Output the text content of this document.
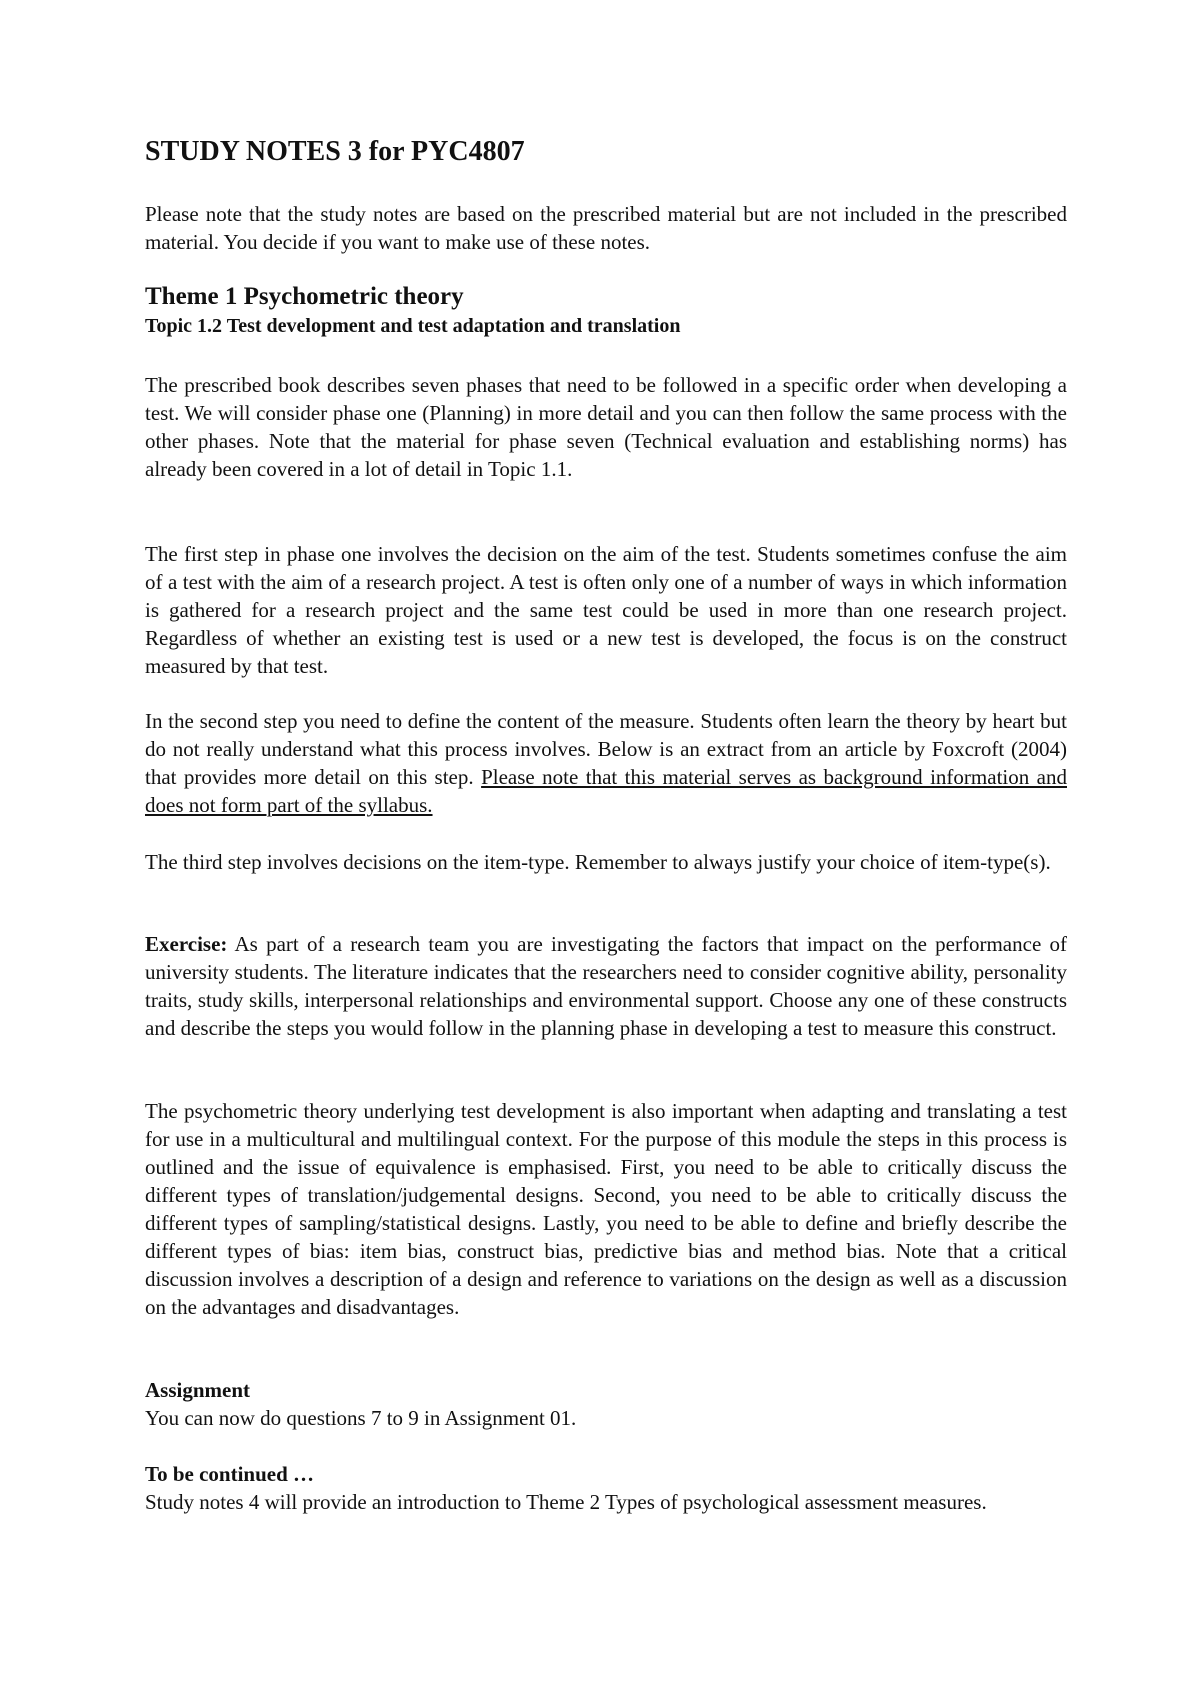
STUDY NOTES 3 for PYC4807

Please note that the study notes are based on the prescribed material but are not included in the prescribed material. You decide if you want to make use of these notes.

Theme 1 Psychometric theory
Topic 1.2 Test development and test adaptation and translation

The prescribed book describes seven phases that need to be followed in a specific order when developing a test. We will consider phase one (Planning) in more detail and you can then follow the same process with the other phases. Note that the material for phase seven (Technical evaluation and establishing norms) has already been covered in a lot of detail in Topic 1.1.

The first step in phase one involves the decision on the aim of the test. Students sometimes confuse the aim of a test with the aim of a research project. A test is often only one of a number of ways in which information is gathered for a research project and the same test could be used in more than one research project. Regardless of whether an existing test is used or a new test is developed, the focus is on the construct measured by that test.

In the second step you need to define the content of the measure. Students often learn the theory by heart but do not really understand what this process involves. Below is an extract from an article by Foxcroft (2004) that provides more detail on this step. Please note that this material serves as background information and does not form part of the syllabus.

The third step involves decisions on the item-type. Remember to always justify your choice of item-type(s).

Exercise: As part of a research team you are investigating the factors that impact on the performance of university students. The literature indicates that the researchers need to consider cognitive ability, personality traits, study skills, interpersonal relationships and environmental support. Choose any one of these constructs and describe the steps you would follow in the planning phase in developing a test to measure this construct.

The psychometric theory underlying test development is also important when adapting and translating a test for use in a multicultural and multilingual context. For the purpose of this module the steps in this process is outlined and the issue of equivalence is emphasised. First, you need to be able to critically discuss the different types of translation/judgemental designs. Second, you need to be able to critically discuss the different types of sampling/statistical designs. Lastly, you need to be able to define and briefly describe the different types of bias: item bias, construct bias, predictive bias and method bias. Note that a critical discussion involves a description of a design and reference to variations on the design as well as a discussion on the advantages and disadvantages.

Assignment

You can now do questions 7 to 9 in Assignment 01.

To be continued …

Study notes 4 will provide an introduction to Theme 2 Types of psychological assessment measures.
